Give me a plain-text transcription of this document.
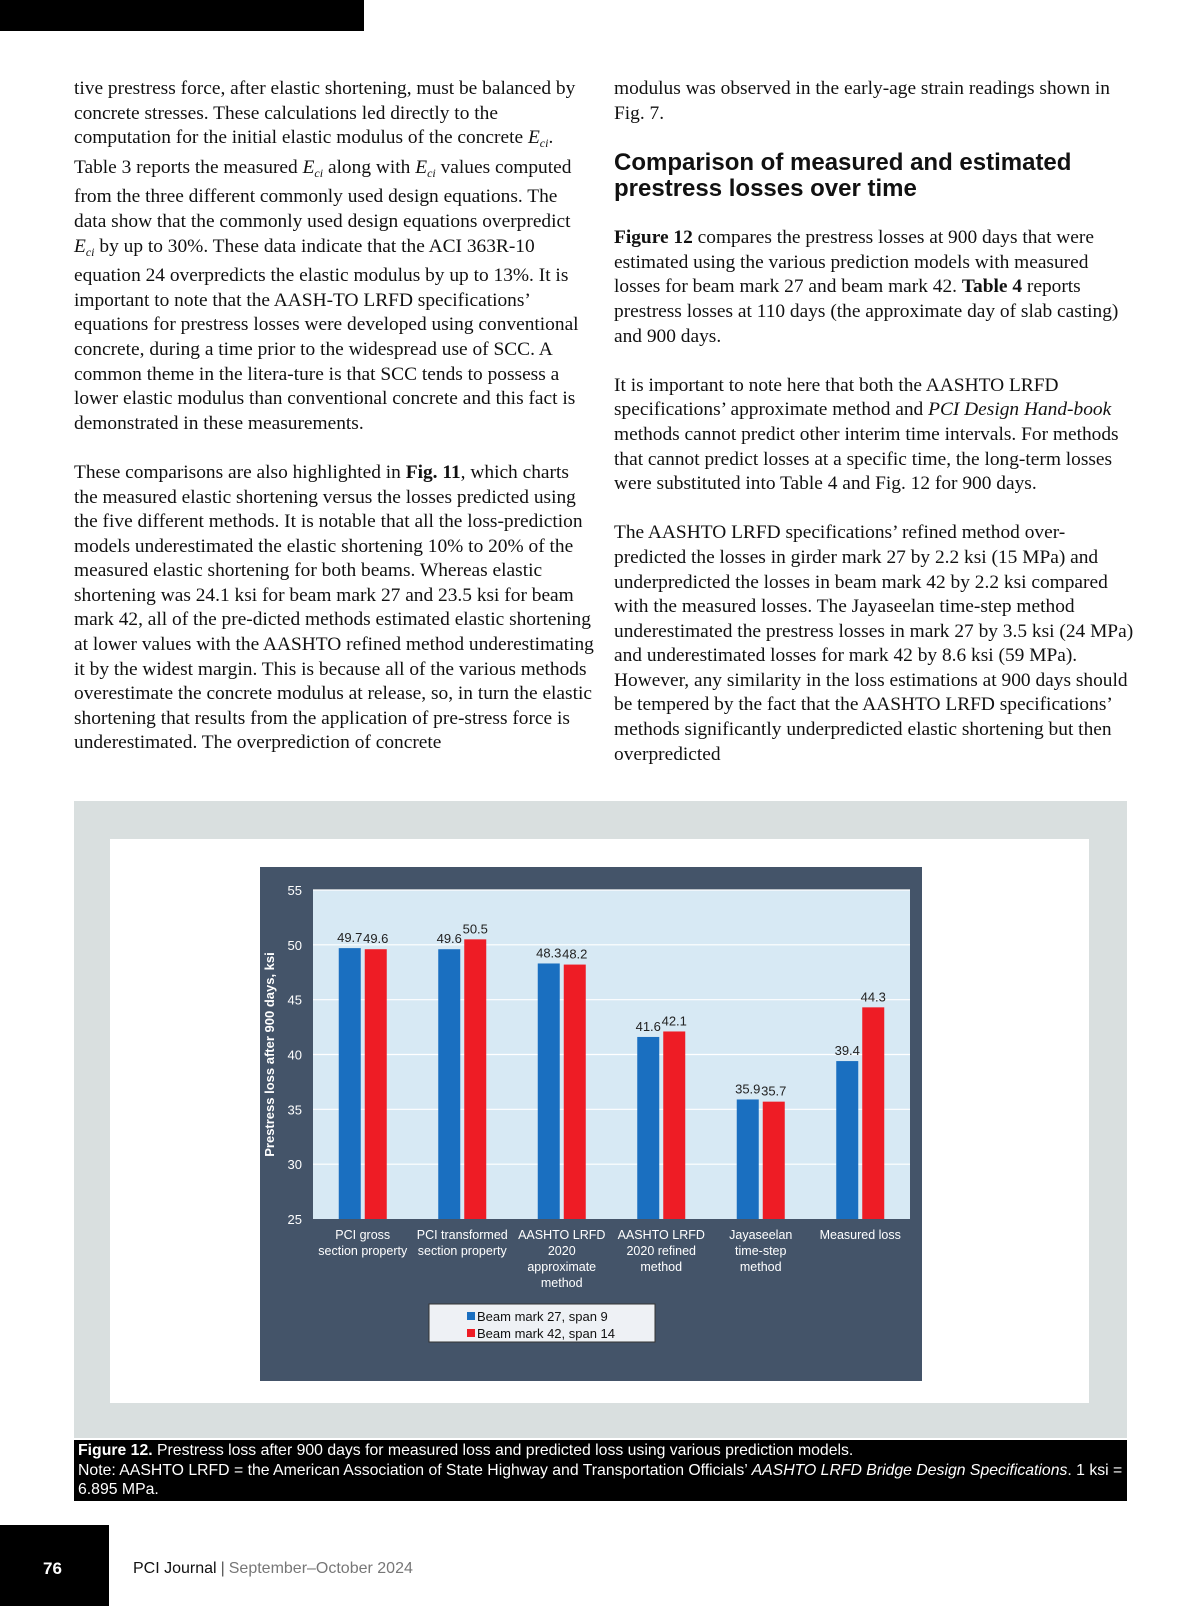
tive prestress force, after elastic shortening, must be balanced by concrete stresses. These calculations led directly to the computation for the initial elastic modulus of the concrete $E_{ci}$. Table 3 reports the measured $E_{ci}$ along with $E_{ci}$ values computed from the three different commonly used design equations. The data show that the commonly used design equations overpredict $E_{ci}$ by up to 30%. These data indicate that the ACI 363R-10 equation 24 overpredicts the elastic modulus by up to 13%. It is important to note that the AASH-TO LRFD specifications’ equations for prestress losses were developed using conventional concrete, during a time prior to the widespread use of SCC. A common theme in the litera-ture is that SCC tends to possess a lower elastic modulus than conventional concrete and this fact is demonstrated in these measurements.

These comparisons are also highlighted in Fig. 11, which charts the measured elastic shortening versus the losses predicted using the five different methods. It is notable that all the loss-prediction models underestimated the elastic shortening 10% to 20% of the measured elastic shortening for both beams. Whereas elastic shortening was 24.1 ksi for beam mark 27 and 23.5 ksi for beam mark 42, all of the pre-dicted methods estimated elastic shortening at lower values with the AASHTO refined method underestimating it by the widest margin. This is because all of the various methods overestimate the concrete modulus at release, so, in turn the elastic shortening that results from the application of pre-stress force is underestimated. The overprediction of concrete

modulus was observed in the early-age strain readings shown in Fig. 7.

Comparison of measured and estimated prestress losses over time

Figure 12 compares the prestress losses at 900 days that were estimated using the various prediction models with measured losses for beam mark 27 and beam mark 42. Table 4 reports prestress losses at 110 days (the approximate day of slab casting) and 900 days.

It is important to note here that both the AASHTO LRFD specifications’ approximate method and PCI Design Hand-book methods cannot predict other interim time intervals. For methods that cannot predict losses at a specific time, the long-term losses were substituted into Table 4 and Fig. 12 for 900 days.

The AASHTO LRFD specifications’ refined method over-predicted the losses in girder mark 27 by 2.2 ksi (15 MPa) and underpredicted the losses in beam mark 42 by 2.2 ksi compared with the measured losses. The Jayaseelan time-step method underestimated the prestress losses in mark 27 by 3.5 ksi (24 MPa) and underestimated losses for mark 42 by 8.6 ksi (59 MPa). However, any similarity in the loss estimations at 900 days should be tempered by the fact that the AASHTO LRFD specifications’ methods significantly underpredicted elastic shortening but then overpredicted

55
50
45
40
35
30
25
Prestress loss after 900 days, ksi
49.7 49.6
PCI gross
section property
49.6
50.5
PCI transformed
section property
48.3 48.2
AASHTO LRFD
2020
approximate
method
41.6 42.1
AASHTO LRFD
2020 refined
method
35.9 35.7
Jayaseelan
time-step
method
39.4
44.3
Measured loss
Beam mark 27, span 9
Beam mark 42, span 14
Figure 12. Prestress loss after 900 days for measured loss and predicted loss using various prediction models.
Note: AASHTO LRFD = the American Association of State Highway and Transportation Officials’ AASHTO LRFD Bridge Design Specifications. 1 ksi = 6.895 MPa.
76	PCI Journal | September–October 2024
